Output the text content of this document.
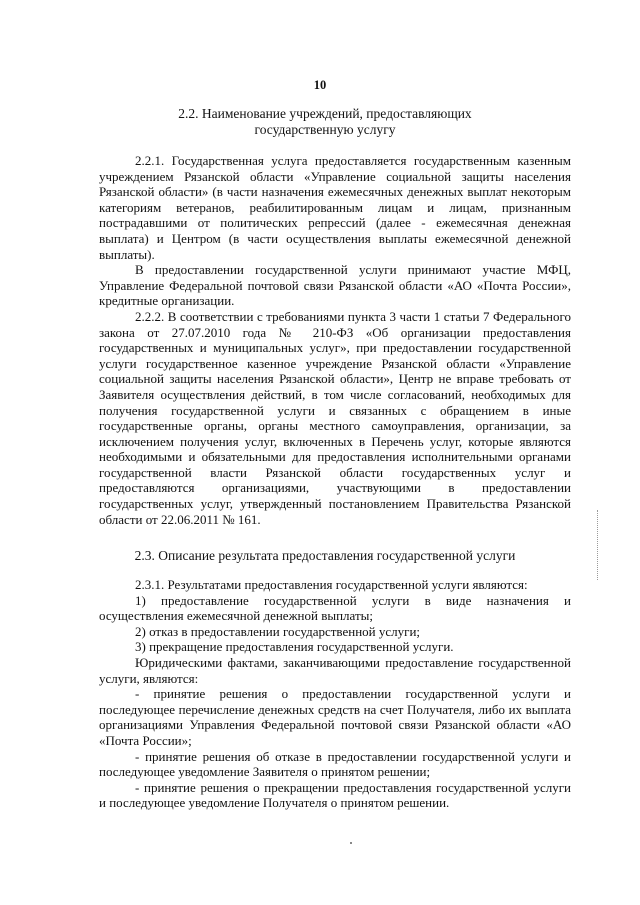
10
2.2. Наименование учреждений, предоставляющих
государственную услугу

2.2.1. Государственная услуга предоставляется государственным казенным учреждением Рязанской области «Управление социальной защиты населения Рязанской области» (в части назначения ежемесячных денежных выплат некоторым категориям ветеранов, реабилитированным лицам и лицам, признанным пострадавшими от политических репрессий (далее - ежемесячная денежная выплата) и Центром (в части осуществления выплаты ежемесячной денежной выплаты).

В предоставлении государственной услуги принимают участие МФЦ, Управление Федеральной почтовой связи Рязанской области «АО «Почта России», кредитные организации.

2.2.2. В соответствии с требованиями пункта 3 части 1 статьи 7 Федерального закона от 27.07.2010 года № 210-ФЗ «Об организации предоставления государственных и муниципальных услуг», при предоставлении государственной услуги государственное казенное учреждение Рязанской области «Управление социальной защиты населения Рязанской области», Центр не вправе требовать от Заявителя осуществления действий, в том числе согласований, необходимых для получения государственной услуги и связанных с обращением в иные государственные органы, органы местного самоуправления, организации, за исключением получения услуг, включенных в Перечень услуг, которые являются необходимыми и обязательными для предоставления исполнительными органами государственной власти Рязанской области государственных услуг и предоставляются организациями, участвующими в предоставлении государственных услуг, утвержденный постановлением Правительства Рязанской области от 22.06.2011 № 161.

2.3. Описание результата предоставления государственной услуги

2.3.1. Результатами предоставления государственной услуги являются:

1) предоставление государственной услуги в виде назначения и осуществления ежемесячной денежной выплаты;

2) отказ в предоставлении государственной услуги;

3) прекращение предоставления государственной услуги.

Юридическими фактами, заканчивающими предоставление государственной услуги, являются:

- принятие решения о предоставлении государственной услуги и последующее перечисление денежных средств на счет Получателя, либо их выплата организациями Управления Федеральной почтовой связи Рязанской области «АО «Почта России»;

- принятие решения об отказе в предоставлении государственной услуги и последующее уведомление Заявителя о принятом решении;

- принятие решения о прекращении предоставления государственной услуги и последующее уведомление Получателя о принятом решении.
